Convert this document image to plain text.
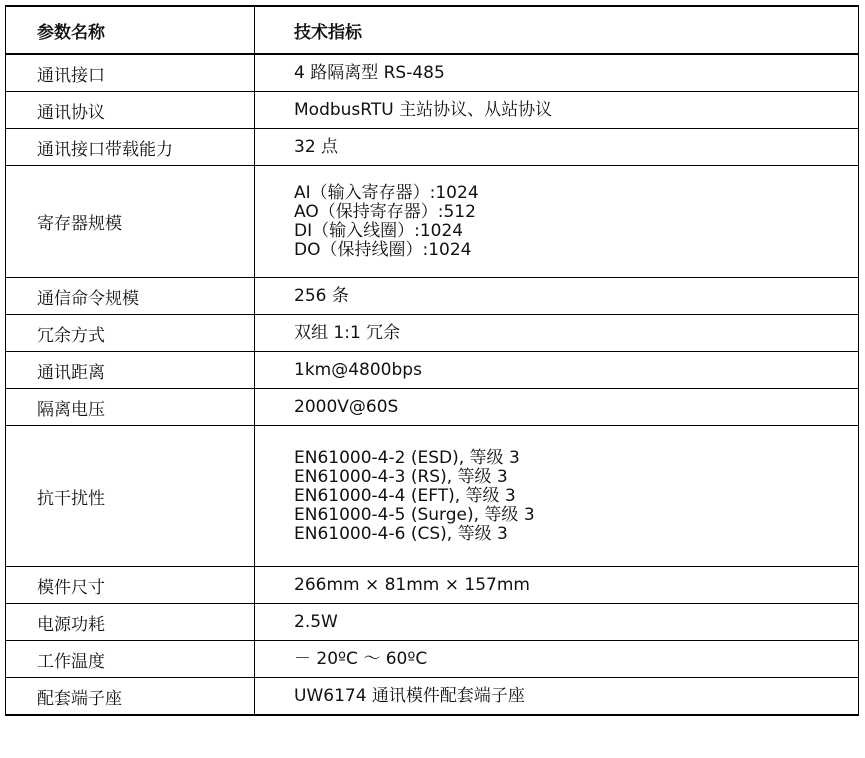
参数名称	技术指标
通讯接口	4 路隔离型 RS-485

通讯协议	ModbusRTU 主站协议、从站协议

通讯接口带载能力	32 点

寄存器规模	AI（输入寄存器）:1024
AO（保持寄存器）:512
DI（输入线圈）:1024
DO（保持线圈）:1024

通信命令规模	256 条

冗余方式	双组 1:1 冗余

通讯距离	1km@4800bps

隔离电压	2000V@60S

抗干扰性	EN61000-4-2 (ESD), 等级 3
EN61000-4-3 (RS), 等级 3
EN61000-4-4 (EFT), 等级 3
EN61000-4-5 (Surge), 等级 3
EN61000-4-6 (CS), 等级 3

模件尺寸	266mm × 81mm × 157mm

电源功耗	2.5W

工作温度	－ 20ºC ～ 60ºC

配套端子座	UW6174 通讯模件配套端子座
